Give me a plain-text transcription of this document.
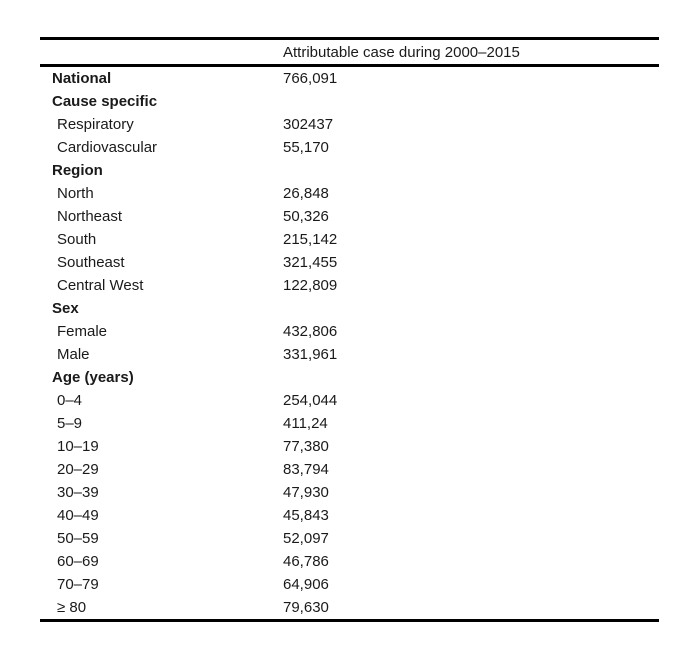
Attributable case during 2000–2015
National	766,091
Cause specific
Respiratory	302437
Cardiovascular	55,170
Region
North	26,848
Northeast	50,326
South	215,142
Southeast	321,455
Central West	122,809
Sex
Female	432,806
Male	331,961
Age (years)
0–4	254,044
5–9	411,24
10–19	77,380
20–29	83,794
30–39	47,930
40–49	45,843
50–59	52,097
60–69	46,786
70–79	64,906
≥ 80	79,630
